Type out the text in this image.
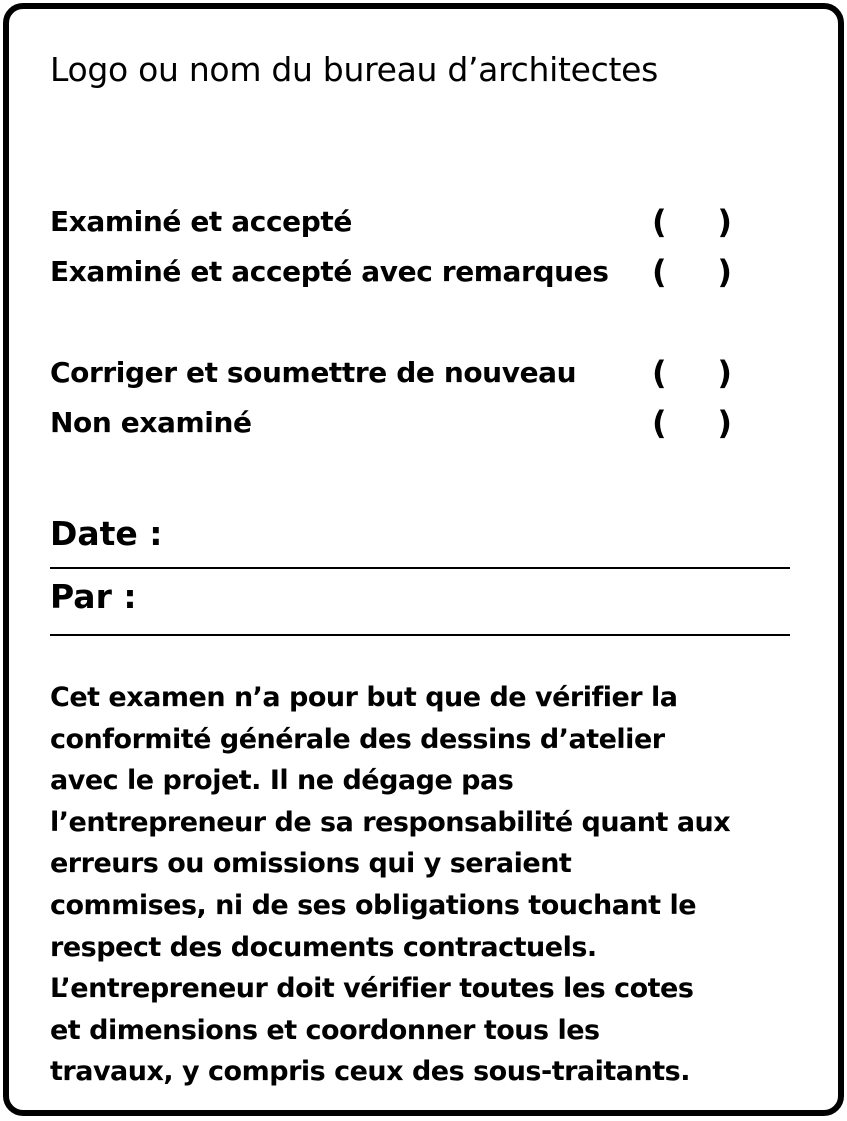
Logo ou nom du bureau d’architectes
Examiné et accepté	( )
Examiné et accepté avec remarques ( )
Corriger et soumettre de nouveau ( )
Non examiné	( )
Date :
Par :
Cet examen n’a pour but que de vérifier la
conformité générale des dessins d’atelier
avec le projet. Il ne dégage pas
l’entrepreneur de sa responsabilité quant aux
erreurs ou omissions qui y seraient
commises, ni de ses obligations touchant le
respect des documents contractuels.
L’entrepreneur doit vérifier toutes les cotes
et dimensions et coordonner tous les
travaux, y compris ceux des sous-traitants.
